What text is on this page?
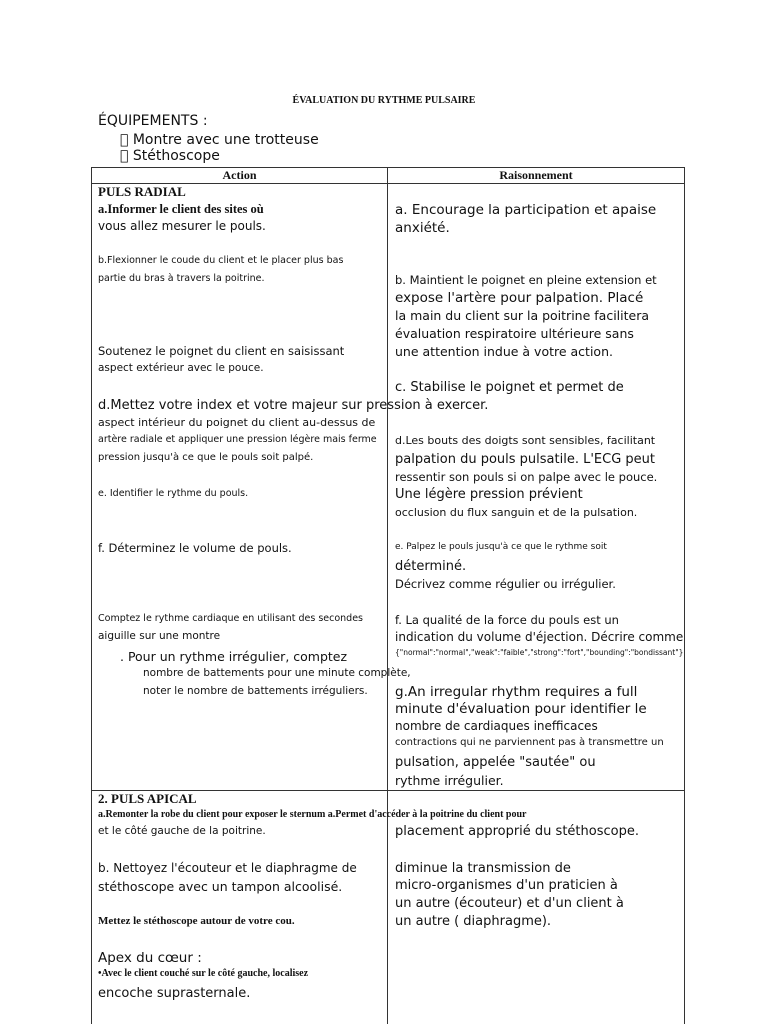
ÉVALUATION DU RYTHME PULSAIRE
ÉQUIPEMENTS :
Montre avec une trotteuse
Stéthoscope
Action	Raisonnement
PULS RADIAL
a.Informer le client des sites où
vous allez mesurer le pouls.
b.Flexionner le coude du client et le placer plus bas
partie du bras à travers la poitrine.
Soutenez le poignet du client en saisissant
aspect extérieur avec le pouce.
d.Mettez votre index et votre majeur sur pression à exercer.
aspect intérieur du poignet du client au-dessus de
artère radiale et appliquer une pression légère mais ferme
pression jusqu'à ce que le pouls soit palpé.
e. Identifier le rythme du pouls.
f. Déterminez le volume de pouls.
Comptez le rythme cardiaque en utilisant des secondes
aiguille sur une montre
. Pour un rythme irrégulier, comptez
nombre de battements pour une minute complète,
noter le nombre de battements irréguliers.
a. Encourage la participation et apaise
anxiété.
b. Maintient le poignet en pleine extension et
expose l'artère pour palpation. Placé
la main du client sur la poitrine facilitera
évaluation respiratoire ultérieure sans
une attention indue à votre action.
c. Stabilise le poignet et permet de
d.Les bouts des doigts sont sensibles, facilitant
palpation du pouls pulsatile. L'ECG peut
ressentir son pouls si on palpe avec le pouce.
Une légère pression prévient
occlusion du flux sanguin et de la pulsation.
e. Palpez le pouls jusqu'à ce que le rythme soit
déterminé.
Décrivez comme régulier ou irrégulier.
f. La qualité de la force du pouls est un
indication du volume d'éjection. Décrire comme
{"normal":"normal","weak":"faible","strong":"fort","bounding":"bondissant"}
g.An irregular rhythm requires a full
minute d'évaluation pour identifier le
nombre de cardiaques inefficaces
contractions qui ne parviennent pas à transmettre un
pulsation, appelée "sautée" ou
rythme irrégulier.
2. PULS APICAL
a.Remonter la robe du client pour exposer le sternum a.Permet d'accéder à la poitrine du client pour
et le côté gauche de la poitrine.	placement approprié du stéthoscope.
b. Nettoyez l'écouteur et le diaphragme de
stéthoscope avec un tampon alcoolisé.
Mettez le stéthoscope autour de votre cou.
Apex du cœur :
•Avec le client couché sur le côté gauche, localisez
encoche suprasternale.
diminue la transmission de
micro-organismes d'un praticien à
un autre (écouteur) et d'un client à
un autre ( diaphragme).
